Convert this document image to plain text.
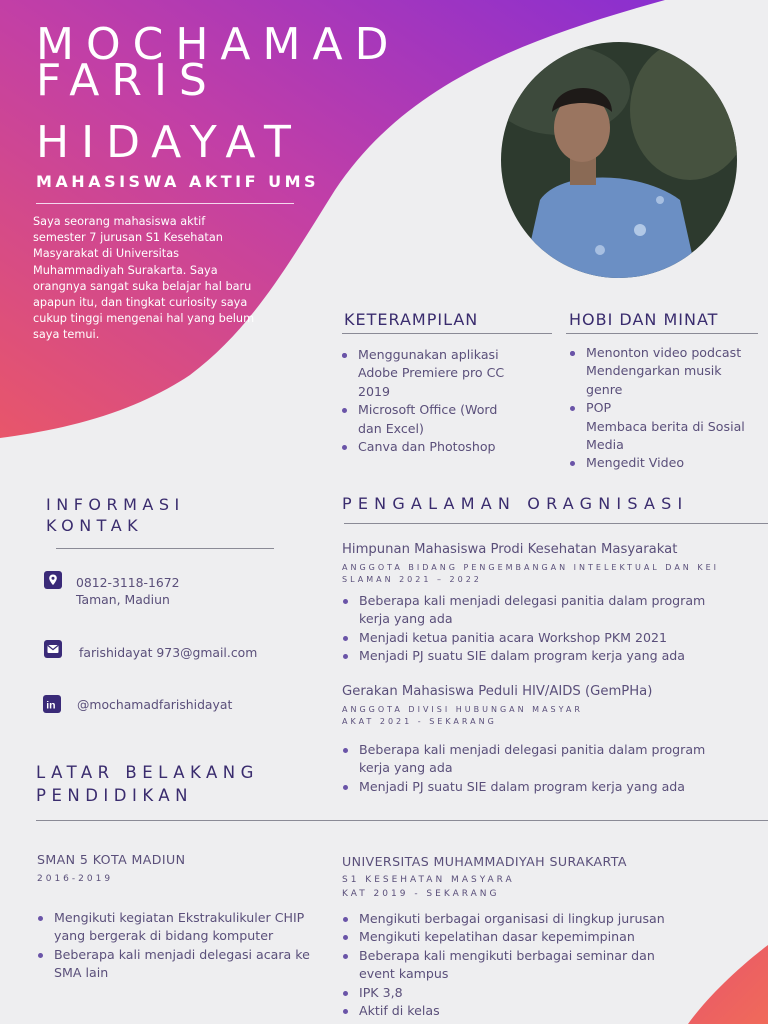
MOCHAMAD
FARIS
HIDAYAT
MAHASISWA AKTIF UMS
Saya seorang mahasiswa aktif semester 7 jurusan S1 Kesehatan Masyarakat di Universitas Muhammadiyah Surakarta. Saya orangnya sangat suka belajar hal baru apapun itu, dan tingkat curiosity saya cukup tinggi mengenai hal yang belum saya temui.
KETERAMPILAN
Menggunakan aplikasi Adobe Premiere pro CC 2019
Microsoft Office (Word dan Excel)
Canva dan Photoshop
HOBI DAN MINAT
Menonton video podcast
Mendengarkan musik genre
POP
Membaca berita di Sosial Media
Mengedit Video
INFORMASI
KONTAK
0812-3118-1672
Taman, Madiun
farishidayat 973@gmail.com
in @mochamadfarishidayat
PENGALAMAN ORAGNISASI
Himpunan Mahasiswa Prodi Kesehatan Masyarakat
ANGGOTA BIDANG PENGEMBANGAN INTELEKTUAL DAN KEI
SLAMAN 2021 – 2022
Beberapa kali menjadi delegasi panitia dalam program kerja yang ada
Menjadi ketua panitia acara Workshop PKM 2021
Menjadi PJ suatu SIE dalam program kerja yang ada
Gerakan Mahasiswa Peduli HIV/AIDS (GemPHa)
ANGGOTA DIVISI HUBUNGAN MASYAR
AKAT 2021 - SEKARANG
Beberapa kali menjadi delegasi panitia dalam program kerja yang ada
Menjadi PJ suatu SIE dalam program kerja yang ada
LATAR BELAKANG
PENDIDIKAN
SMAN 5 KOTA MADIUN
2016-2019
Mengikuti kegiatan Ekstrakulikuler CHIP yang bergerak di bidang komputer
Beberapa kali menjadi delegasi acara ke SMA lain
UNIVERSITAS MUHAMMADIYAH SURAKARTA
S1 KESEHATAN MASYARA
KAT 2019 - SEKARANG
Mengikuti berbagai organisasi di lingkup jurusan
Mengikuti kepelatihan dasar kepemimpinan
Beberapa kali mengikuti berbagai seminar dan event kampus
IPK 3,8
Aktif di kelas
